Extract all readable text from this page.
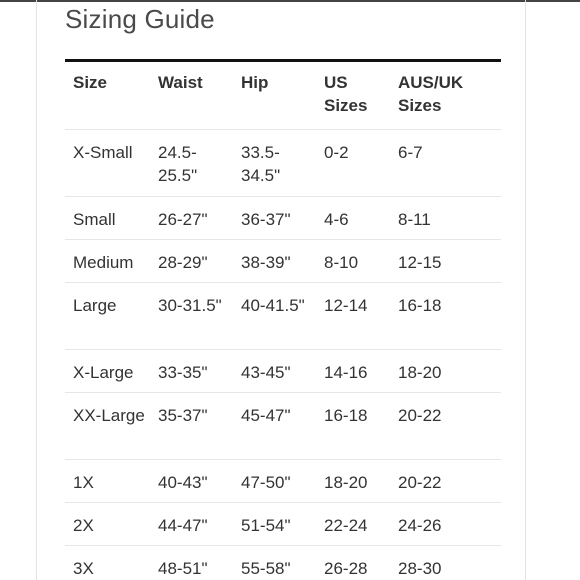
Sizing Guide
Size	Waist	Hip	US Sizes	AUS/UK Sizes
X-Small	24.5-25.5"	33.5-34.5"	0-2	6-7
Small	26-27"	36-37"	4-6	8-11
Medium	28-29"	38-39"	8-10	12-15
Large	30-31.5"	40-41.5"	12-14	16-18
X-Large	33-35"	43-45"	14-16	18-20
XX-Large	35-37"	45-47"	16-18	20-22
1X	40-43"	47-50"	18-20	20-22
2X	44-47"	51-54"	22-24	24-26
3X	48-51"	55-58"	26-28	28-30
